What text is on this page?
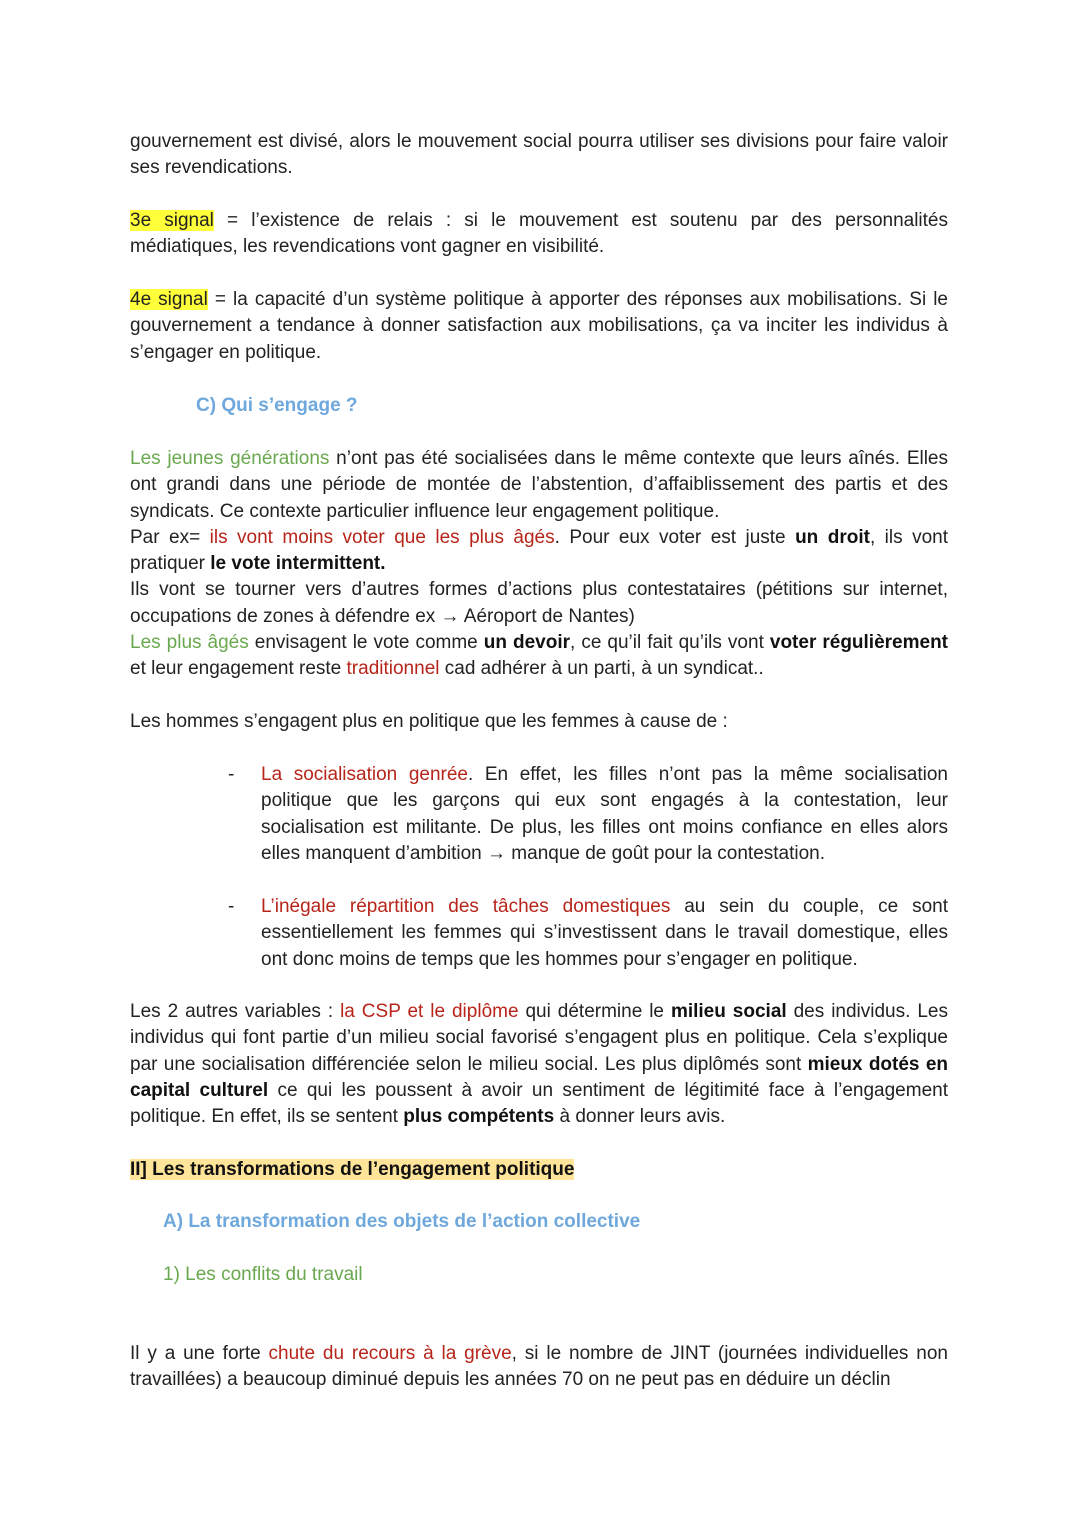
gouvernement est divisé, alors le mouvement social pourra utiliser ses divisions pour faire valoir ses revendications.

3e signal = l’existence de relais : si le mouvement est soutenu par des personnalités médiatiques, les revendications vont gagner en visibilité.

4e signal = la capacité d’un système politique à apporter des réponses aux mobilisations. Si le gouvernement a tendance à donner satisfaction aux mobilisations, ça va inciter les individus à s’engager en politique.

C) Qui s’engage ?

Les jeunes générations n’ont pas été socialisées dans le même contexte que leurs aînés. Elles ont grandi dans une période de montée de l’abstention, d’affaiblissement des partis et des syndicats. Ce contexte particulier influence leur engagement politique.
Par ex= ils vont moins voter que les plus âgés. Pour eux voter est juste un droit, ils vont pratiquer le vote intermittent.
Ils vont se tourner vers d’autres formes d’actions plus contestataires (pétitions sur internet, occupations de zones à défendre ex → Aéroport de Nantes)
Les plus âgés envisagent le vote comme un devoir, ce qu’il fait qu’ils vont voter régulièrement et leur engagement reste traditionnel cad adhérer à un parti, à un syndicat..

Les hommes s’engagent plus en politique que les femmes à cause de :

- La socialisation genrée. En effet, les filles n’ont pas la même socialisation politique que les garçons qui eux sont engagés à la contestation, leur socialisation est militante. De plus, les filles ont moins confiance en elles alors elles manquent d’ambition → manque de goût pour la contestation.

- L’inégale répartition des tâches domestiques au sein du couple, ce sont essentiellement les femmes qui s’investissent dans le travail domestique, elles ont donc moins de temps que les hommes pour s’engager en politique.

Les 2 autres variables : la CSP et le diplôme qui détermine le milieu social des individus. Les individus qui font partie d’un milieu social favorisé s’engagent plus en politique. Cela s’explique par une socialisation différenciée selon le milieu social. Les plus diplômés sont mieux dotés en capital culturel ce qui les poussent à avoir un sentiment de légitimité face à l’engagement politique. En effet, ils se sentent plus compétents à donner leurs avis.

II] Les transformations de l’engagement politique
A) La transformation des objets de l’action collective
1) Les conflits du travail

Il y a une forte chute du recours à la grève, si le nombre de JINT (journées individuelles non travaillées) a beaucoup diminué depuis les années 70 on ne peut pas en déduire un déclin
